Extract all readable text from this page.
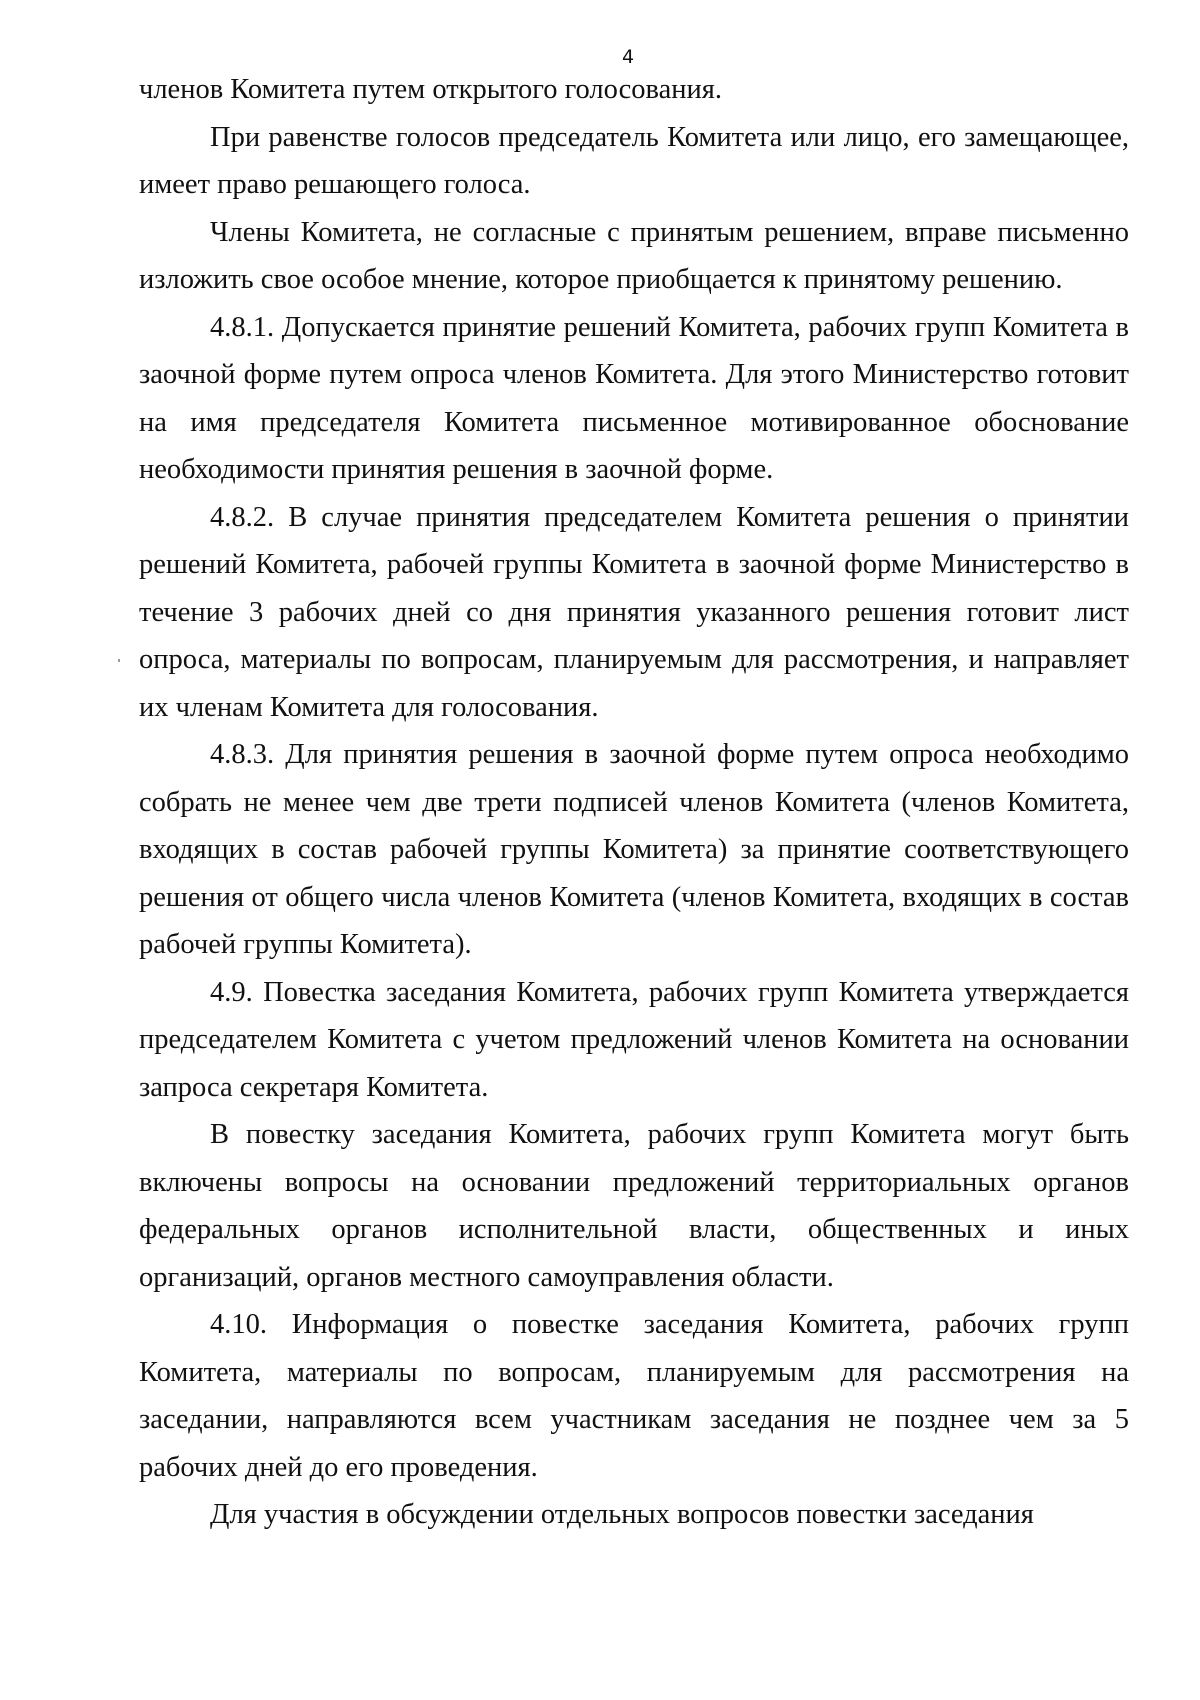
4

членов Комитета путем открытого голосования.

При равенстве голосов председатель Комитета или лицо, его замещающее, имеет право решающего голоса.

Члены Комитета, не согласные с принятым решением, вправе письменно изложить свое особое мнение, которое приобщается к принятому решению.

4.8.1. Допускается принятие решений Комитета, рабочих групп Комитета в заочной форме путем опроса членов Комитета. Для этого Министерство готовит на имя председателя Комитета письменное мотивированное обоснование необходимости принятия решения в заочной форме.

4.8.2. В случае принятия председателем Комитета решения о принятии решений Комитета, рабочей группы Комитета в заочной форме Министерство в течение 3 рабочих дней со дня принятия указанного решения готовит лист опроса, материалы по вопросам, планируемым для рассмотрения, и направляет их членам Комитета для голосования.

4.8.3. Для принятия решения в заочной форме путем опроса необходимо собрать не менее чем две трети подписей членов Комитета (членов Комитета, входящих в состав рабочей группы Комитета) за принятие соответствующего решения от общего числа членов Комитета (членов Комитета, входящих в состав рабочей группы Комитета).

4.9. Повестка заседания Комитета, рабочих групп Комитета утверждается председателем Комитета с учетом предложений членов Комитета на основании запроса секретаря Комитета.

В повестку заседания Комитета, рабочих групп Комитета могут быть включены вопросы на основании предложений территориальных органов федеральных органов исполнительной власти, общественных и иных организаций, органов местного самоуправления области.

4.10. Информация о повестке заседания Комитета, рабочих групп Комитета, материалы по вопросам, планируемым для рассмотрения на заседании, направляются всем участникам заседания не позднее чем за 5 рабочих дней до его проведения.

Для участия в обсуждении отдельных вопросов повестки заседания
